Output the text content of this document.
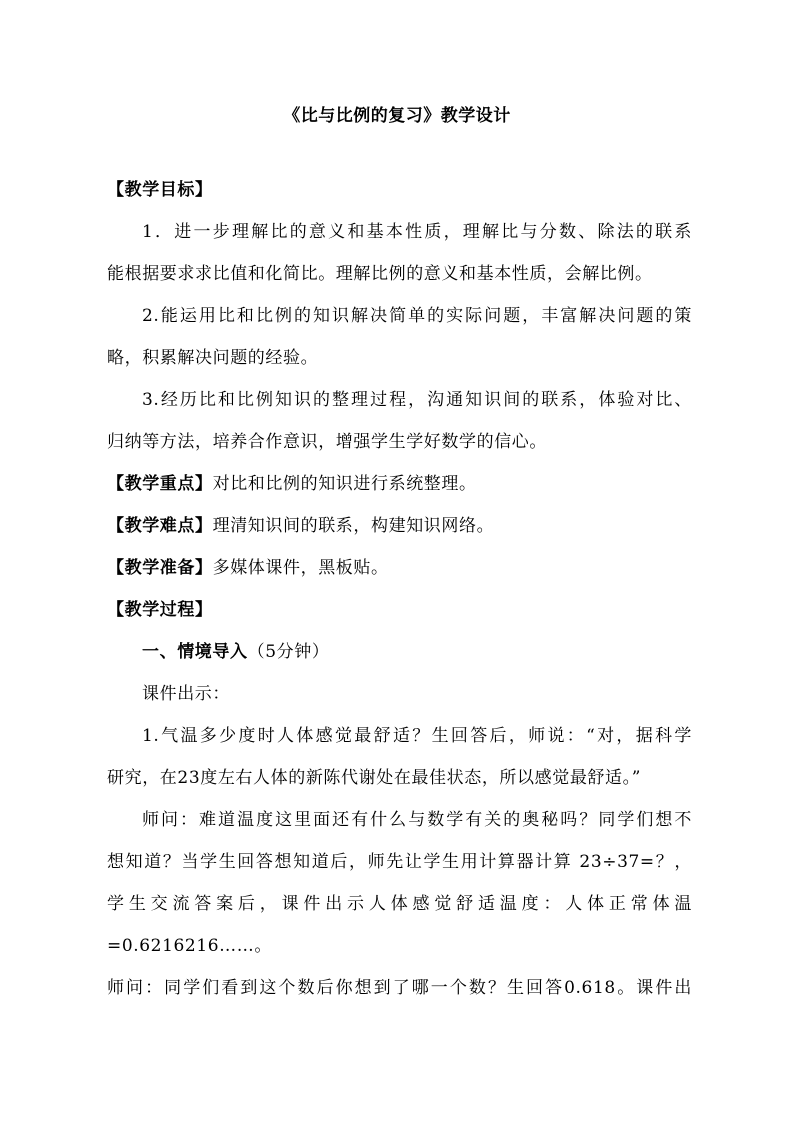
《比与比例的复习》教学设计
【教学目标】
1．进一步理解比的意义和基本性质，理解比与分数、除法的联系
能根据要求求比值和化简比。理解比例的意义和基本性质，会解比例。
2.能运用比和比例的知识解决简单的实际问题，丰富解决问题的策
略，积累解决问题的经验。
3.经历比和比例知识的整理过程，沟通知识间的联系，体验对比、
归纳等方法，培养合作意识，增强学生学好数学的信心。
【教学重点】对比和比例的知识进行系统整理。
【教学难点】理清知识间的联系，构建知识网络。
【教学准备】多媒体课件，黑板贴。
【教学过程】
一、情境导入（5分钟）
课件出示：
1.气温多少度时人体感觉最舒适？生回答后，师说：“对，据科学
研究，在23度左右人体的新陈代谢处在最佳状态，所以感觉最舒适。”
师问：难道温度这里面还有什么与数学有关的奥秘吗？同学们想不
想知道？当学生回答想知道后，师先让学生用计算器计算 23÷37=？，
学生交流答案后，课件出示人体感觉舒适温度：人体正常体温
=0.6216216……。
师问：同学们看到这个数后你想到了哪一个数？生回答0.618。课件出
